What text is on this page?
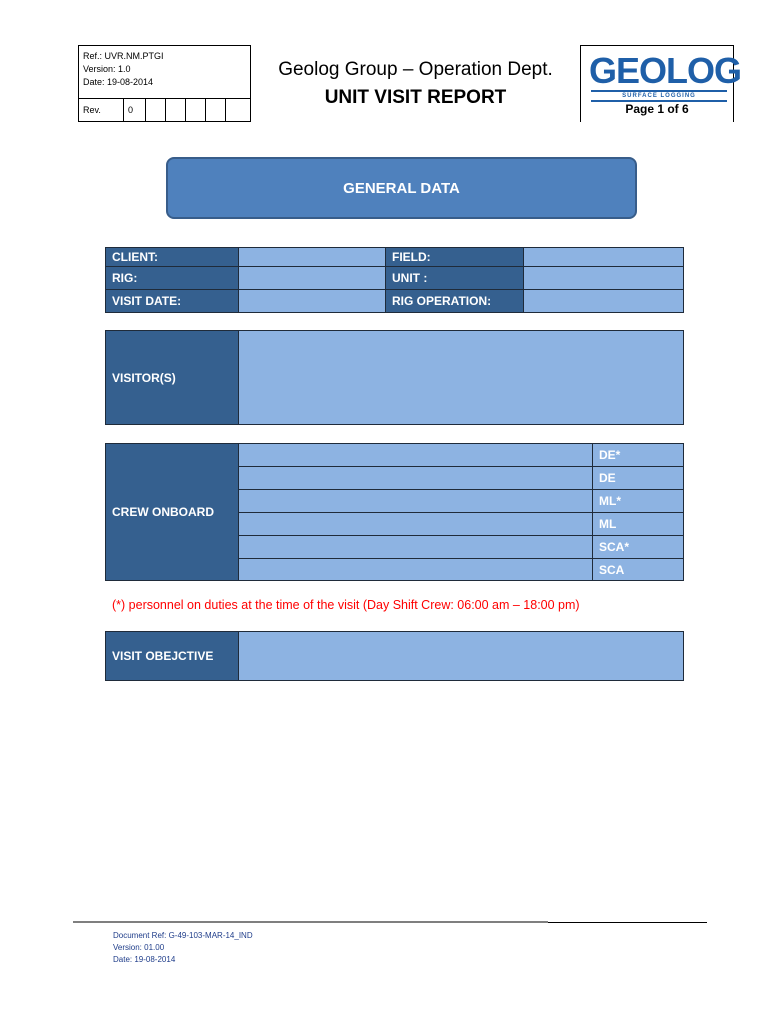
Ref.: UVR.NM.PTGI
Version: 1.0
Date: 19-08-2014
Rev.	0
Geolog Group – Operation Dept.
UNIT VISIT REPORT
GEOLOG
SURFACE LOGGING
Page 1 of 6
GENERAL DATA
CLIENT:		FIELD:	
RIG:		UNIT :	
VISIT DATE:		RIG OPERATION:	
VISITOR(S)	
CREW ONBOARD		DE*
		DE
		ML*
		ML
		SCA*
		SCA
(*) personnel on duties at the time of the visit (Day Shift Crew: 06:00 am – 18:00 pm)
VISIT OBEJCTIVE	
Document Ref: G-49-103-MAR-14_IND
Version: 01.00
Date: 19-08-2014
